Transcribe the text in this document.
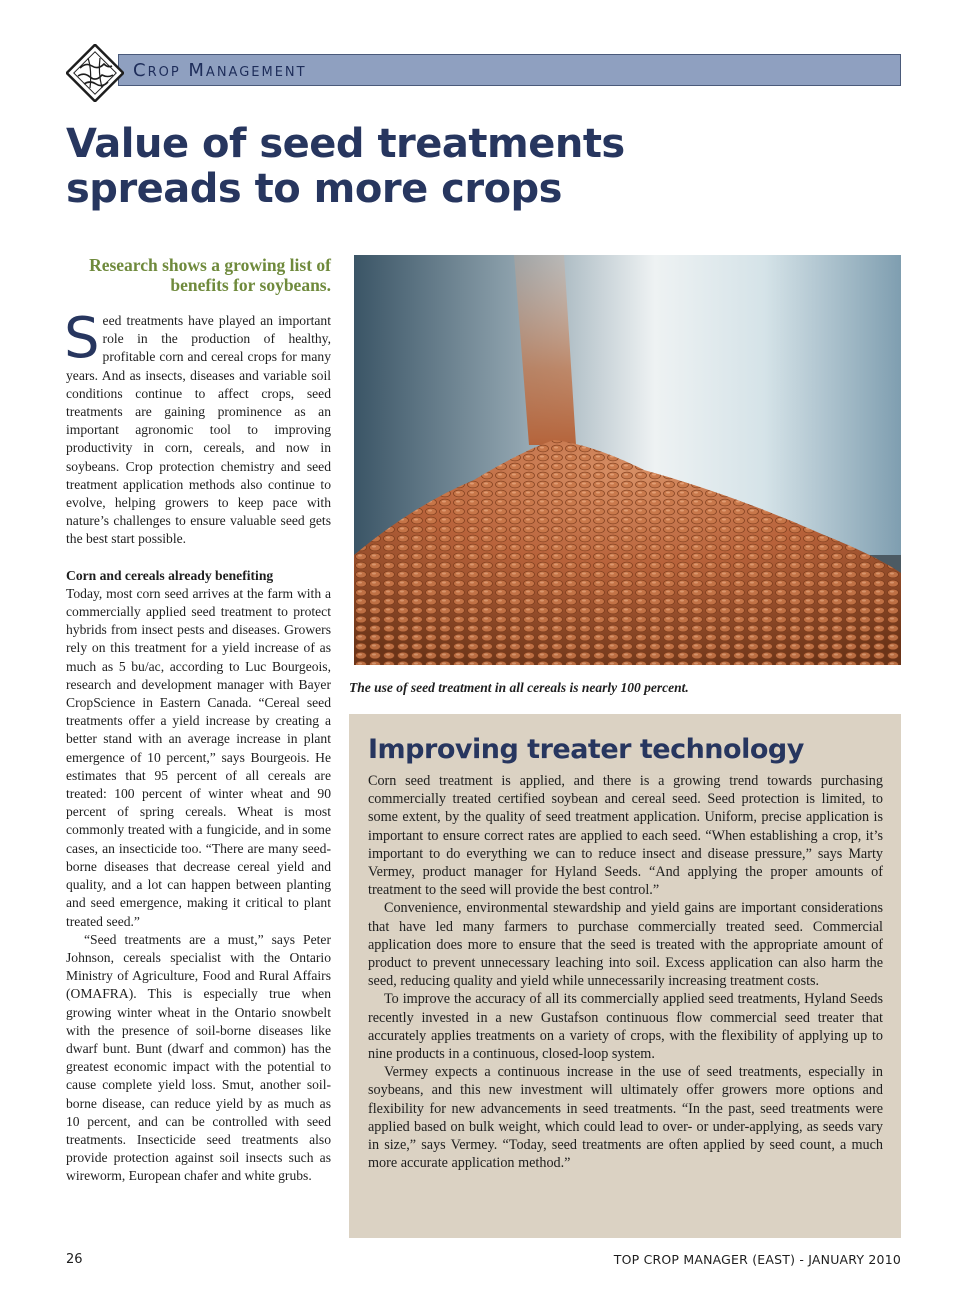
Crop Management
Value of seed treatments spreads to more crops

Research shows a growing list of benefits for soybeans.

Seed treatments have played an important role in the production of healthy, profitable corn and cereal crops for many years. And as insects, diseases and variable soil conditions continue to affect crops, seed treatments are gaining prominence as an important agronomic tool to improving productivity in corn, cereals, and now in soybeans. Crop protection chemistry and seed treatment application methods also continue to evolve, helping growers to keep pace with nature’s challenges to ensure valuable seed gets the best start possible.

Corn and cereals already benefiting

Today, most corn seed arrives at the farm with a commercially applied seed treatment to protect hybrids from insect pests and diseases. Growers rely on this treatment for a yield increase of as much as 5 bu/ac, according to Luc Bourgeois, research and development manager with Bayer CropScience in Eastern Canada. “Cereal seed treatments offer a yield increase by creating a better stand with an average increase in plant emergence of 10 percent,” says Bourgeois. He estimates that 95 percent of all cereals are treated: 100 percent of winter wheat and 90 percent of spring cereals. Wheat is most commonly treated with a fungicide, and in some cases, an insecticide too. “There are many seed-borne diseases that decrease cereal yield and quality, and a lot can happen between planting and seed emergence, making it critical to plant treated seed.”

“Seed treatments are a must,” says Peter Johnson, cereals specialist with the Ontario Ministry of Agriculture, Food and Rural Affairs (OMAFRA). This is especially true when growing winter wheat in the Ontario snowbelt with the presence of soil-borne diseases like dwarf bunt. Bunt (dwarf and common) has the greatest economic impact with the potential to cause complete yield loss. Smut, another soil-borne disease, can reduce yield by as much as 10 percent, and can be controlled with seed treatments. Insecticide seed treatments also provide protection against soil insects such as wireworm, European chafer and white grubs.

The use of seed treatment in all cereals is nearly 100 percent.

Improving treater technology

Corn seed treatment is applied, and there is a growing trend towards purchasing commercially treated certified soybean and cereal seed. Seed protection is limited, to some extent, by the quality of seed treatment application. Uniform, precise application is important to ensure correct rates are applied to each seed. “When establishing a crop, it’s important to do everything we can to reduce insect and disease pressure,” says Marty Vermey, product manager for Hyland Seeds. “And applying the proper amounts of treatment to the seed will provide the best control.”

Convenience, environmental stewardship and yield gains are important considerations that have led many farmers to purchase commercially treated seed. Commercial application does more to ensure that the seed is treated with the appropriate amount of product to prevent unnecessary leaching into soil. Excess application can also harm the seed, reducing quality and yield while unnecessarily increasing treatment costs.

To improve the accuracy of all its commercially applied seed treatments, Hyland Seeds recently invested in a new Gustafson continuous flow commercial seed treater that accurately applies treatments on a variety of crops, with the flexibility of applying up to nine products in a continuous, closed-loop system.

Vermey expects a continuous increase in the use of seed treatments, especially in soybeans, and this new investment will ultimately offer growers more options and flexibility for new advancements in seed treatments. “In the past, seed treatments were applied based on bulk weight, which could lead to over- or under-applying, as seeds vary in size,” says Vermey. “Today, seed treatments are often applied by seed count, a much more accurate application method.”

26	TOP CROP MANAGER (EAST) - JANUARY 2010
